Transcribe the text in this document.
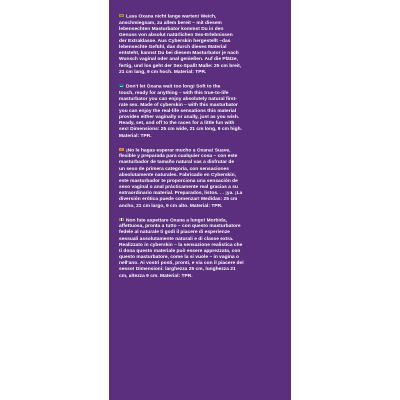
Lass Oxana nicht lange warten! Weich,
anschmiegsam, zu allem bereit – mit diesem
lebensechten Masturbator kommst Du in den
Genuss von absolut natürlichen Sex-Erlebnissen
der Extraklasse. Aus Cyberskin hergestellt –das
lebensechte Gefühl, das durch dieses Material
entsteht, kannst Du bei diesem Masturbator je nach
Wunsch vaginal oder anal genießen. Auf die Plätze,
fertig, und los geht der Sex-Spaß! Maße: 25 cm breit,
21 cm lang, 9 cm hoch. Material: TPR.

Don't let Oxana wait too long! Soft to the
touch, ready for anything – with this true-to-life
masturbator you can enjoy absolutely natural first-
rate sex. Made of cyberskin – with this masturbator
you can enjoy the real-life sensations this material
provides either vaginally or anally, just as you wish.
Ready, set, and off to the races for a little fun with
sex! Dimensions: 25 cm wide, 21 cm long, 9 cm high.
Material: TPR.

¡No le hagas esperar mucho a Oxana! Suave,
flexible y preparada para cualquier cosa – con este
masturbador de tamaño natural vas a disfrutar de
un sexo de primera categoría, con sensaciones
absolutamente naturales. Fabricado en Cyberskin,
este masturbador te proporciona una sensación de
sexo vaginal o anal prácticamente real gracias a su
extraordinario material. Preparados, listos. . . ¡ya. ¡La
diversión erótica puede comenzar! Medidas: 25 cm
ancho, 21 cm largo, 9 cm alto. Material: TPR.

Non fate aspettare Oxana a lungo! Morbida,
affettuosa, pronta a tutto – con questo masturbatore
fedele al naturale ti godi il piacere di esperienze
sessuali assolutamente naturali e di classe extra.
Realizzato in cyberskin – la sensazione realistica che
ti dona questo materiale può essere apprezzata, con
questo masturbatore, come la si vuole – in vagina o
nell'ano. Ai vostri posti, pronti, e via con il piacere del
sesso! Dimensioni: larghezza 25 cm, lunghezza 21
cm, altezza 9 cm. Material: TPR.
